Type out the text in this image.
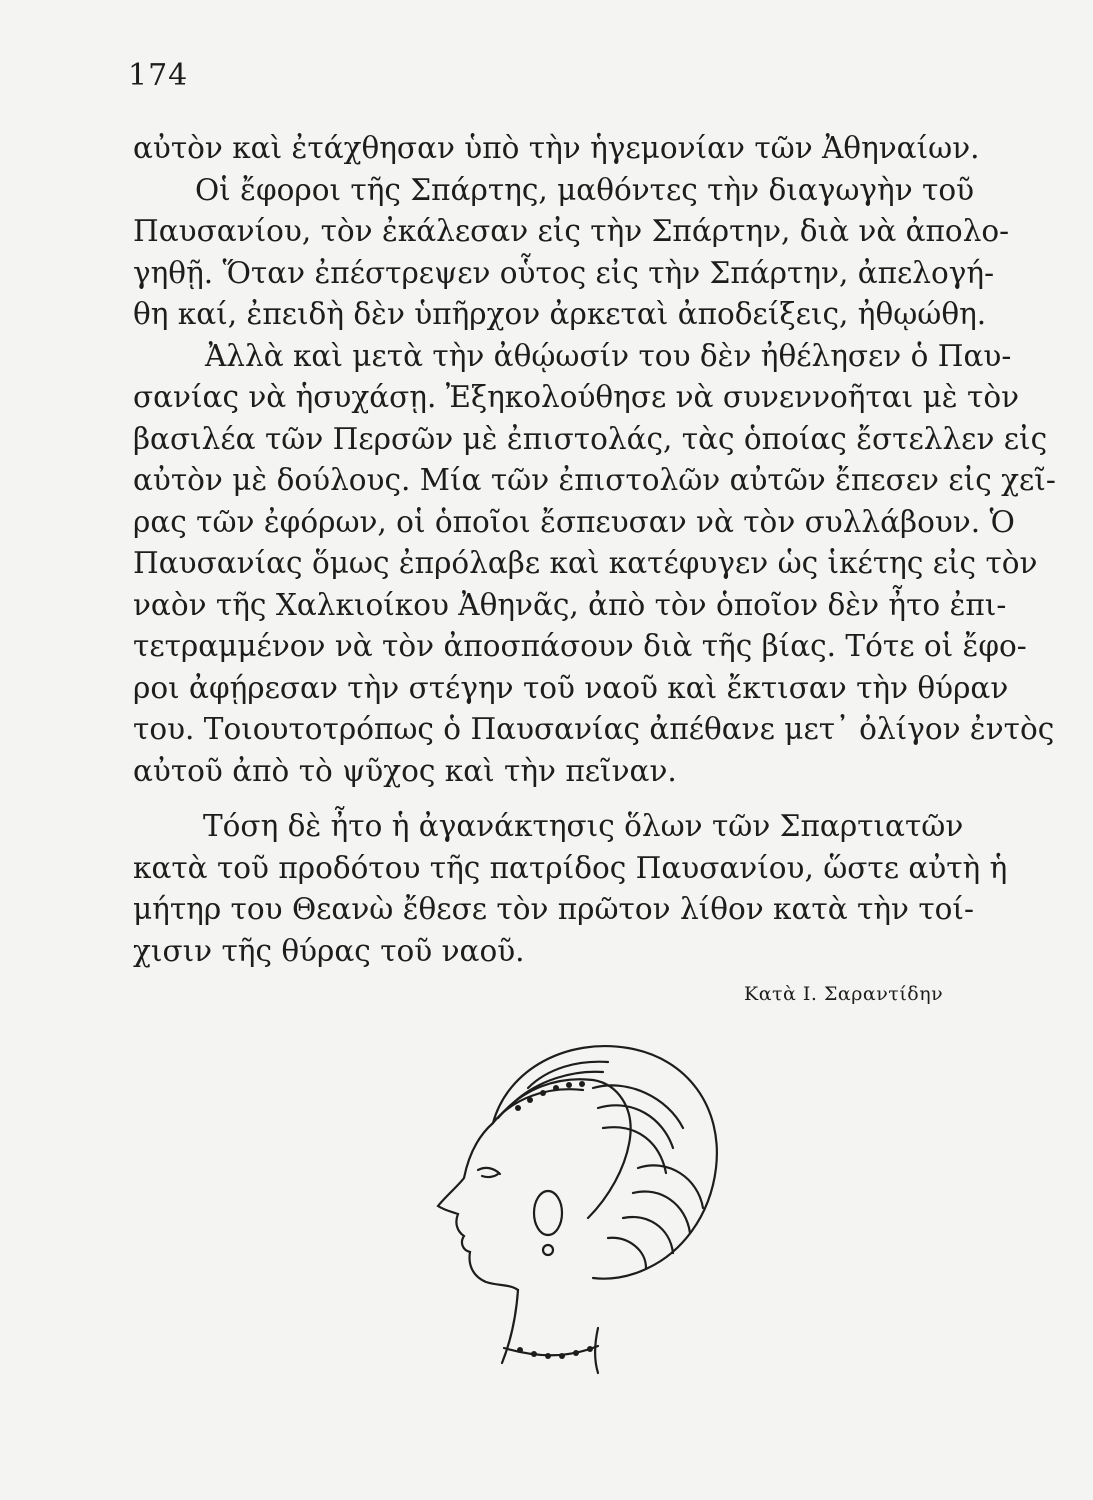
174
αὐτὸν καὶ ἐτάχθησαν ὑπὸ τὴν ἡγεμονίαν τῶν Ἀθηναίων.
Οἱ ἔφοροι τῆς Σπάρτης, μαθόντες τὴν διαγωγὴν τοῦ
Παυσανίου, τὸν ἐκάλεσαν εἰς τὴν Σπάρτην, διὰ νὰ ἀπολο-
γηθῇ. Ὅταν ἐπέστρεψεν οὗτος εἰς τὴν Σπάρτην, ἀπελογή-
θη καί, ἐπειδὴ δὲν ὑπῆρχον ἀρκεταὶ ἀποδείξεις, ἠθῳώθη.
Ἀλλὰ καὶ μετὰ τὴν ἀθῴωσίν του δὲν ἠθέλησεν ὁ Παυ-
σανίας νὰ ἡσυχάσῃ. Ἐξηκολούθησε νὰ συνεννοῆται μὲ τὸν
βασιλέα τῶν Περσῶν μὲ ἐπιστολάς, τὰς ὁποίας ἔστελλεν εἰς
αὐτὸν μὲ δούλους. Μία τῶν ἐπιστολῶν αὐτῶν ἔπεσεν εἰς χεῖ-
ρας τῶν ἐφόρων, οἱ ὁποῖοι ἔσπευσαν νὰ τὸν συλλάβουν. Ὁ
Παυσανίας ὅμως ἐπρόλαβε καὶ κατέφυγεν ὡς ἱκέτης εἰς τὸν
ναὸν τῆς Χαλκιοίκου Ἀθηνᾶς, ἀπὸ τὸν ὁποῖον δὲν ἦτο ἐπι-
τετραμμένον νὰ τὸν ἀποσπάσουν διὰ τῆς βίας. Τότε οἱ ἔφο-
ροι ἀφῄρεσαν τὴν στέγην τοῦ ναοῦ καὶ ἔκτισαν τὴν θύραν
του. Τοιουτοτρόπως ὁ Παυσανίας ἀπέθανε μετ᾽ ὀλίγον ἐντὸς
αὐτοῦ ἀπὸ τὸ ψῦχος καὶ τὴν πεῖναν.
Τόση δὲ ἦτο ἡ ἀγανάκτησις ὅλων τῶν Σπαρτιατῶν
κατὰ τοῦ προδότου τῆς πατρίδος Παυσανίου, ὥστε αὐτὴ ἡ
μήτηρ του Θεανὼ ἔθεσε τὸν πρῶτον λίθον κατὰ τὴν τοί-
χισιν τῆς θύρας τοῦ ναοῦ.
Κατὰ Ι. Σαραντίδην
